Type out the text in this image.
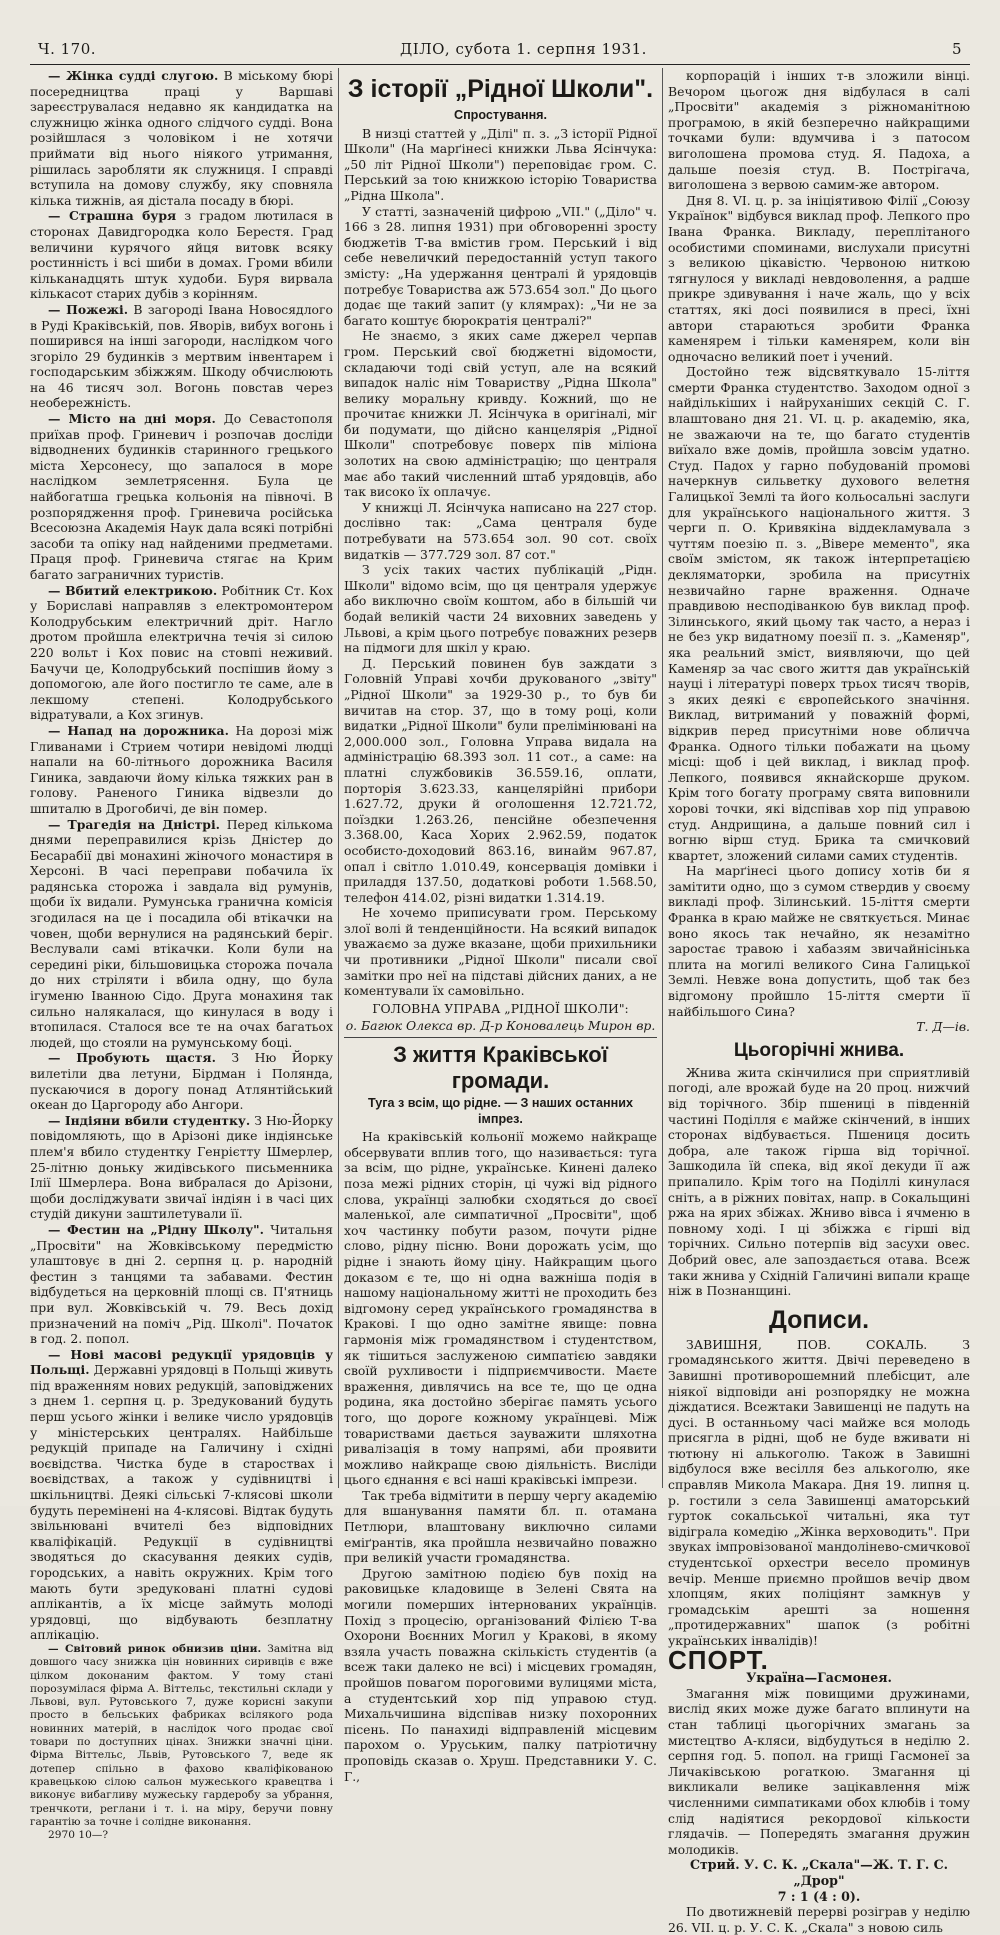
Ч. 170.	ДІЛО, субота 1. серпня 1931.	5

— Жінка судді слугою. В міському бюрі посередництва праці у Варшаві зареєструвалася недавно як кандидатка на служницю жінка одного слідчого судді. Вона розійшлася з чоловіком і не хотячи приймати від нього ніякого утримання, рішилась заробляти як служниця. І справді вступила на домову службу, яку сповняла кілька тижнів, ая дістала посаду в бюрі.

— Страшна буря з градом лютилася в сторонах Давидгородка коло Берестя. Град величини курячого яйця витовк всяку ростинність і всі шиби в домах. Громи вбили кільканадцять штук худоби. Буря вирвала кількасот старих дубів з корінням.

— Пожежі. В загороді Івана Новосядлого в Руді Краківській, пов. Яворів, вибух вогонь і поширився на інші загороди, наслідком чого згоріло 29 будинків з мертвим інвентарем і господарським збіжжям. Шкоду обчислюють на 46 тисяч зол. Вогонь повстав через необережність.

— Місто на дні моря. До Севастополя приїхав проф. Гриневич і розпочав досліди відводнених будинків старинного грецького міста Херсонесу, що запалося в море наслідком землетрясення. Була це найбогатша грецька кольонія на півночі. В розпорядження проф. Гриневича російська Всесоюзна Академія Наук дала всякі потрібні засоби та опіку над найденими предметами. Праця проф. Гриневича стягає на Крим багато заграничних туристів.

— Вбитий електрикою. Робітник Ст. Кох у Бориславі направляв з електромонтером Колодрубським електричний дріт. Нагло дротом пройшла електрична течія зі силою 220 вольт і Кох повис на стовпі неживий. Бачучи це, Колодрубський поспішив йому з допомогою, але його постигло те саме, але в лекшому степені. Колодрубського відратували, а Кох згинув.

— Напад на дорожника. На дорозі між Гливанами і Стрием чотири невідомі людці напали на 60-літнього дорожника Василя Гиника, завдаючи йому кілька тяжких ран в голову. Раненого Гиника відвезли до шпиталю в Дрогобичі, де він помер.

— Трагедія на Дністрі. Перед кількома днями переправилися крізь Дністер до Бесарабії дві монахині жіночого монастиря в Херсоні. В часі переправи побачила їх радянська сторожа і завдала від румунів, щоби їх видали. Румунська гранична комісія згодилася на це і посадила обі втікачки на човен, щоби вернулися на радянський беріг. Веслували самі втікачки. Коли були на середині ріки, більшовицька сторожа почала до них стріляти і вбила одну, що була ігуменю Іванною Сідо. Друга монахиня так сильно налякалася, що кинулася в воду і втопилася. Сталося все те на очах багатьох людей, що стояли на румунському боці.

— Пробують щастя. З Ню Йорку вилетіли два летуни, Бірдман і Полянда, пускаючися в дорогу понад Атлянтійський океан до Царгороду або Ангори.

— Індіяни вбили студентку. З Ню-Йорку повідомляють, що в Арізоні дике індіянське плем'я вбило студентку Генрієтту Шмерлер, 25-літню доньку жидівського письменника Ілії Шмерлера. Вона вибралася до Арізони, щоби досліджувати звичаї індіян і в часі цих студій дикуни заштилетували її.

— Фестин на „Рідну Школу". Читальня „Просвіти" на Жовківському передмістю улаштовує в дні 2. серпня ц. р. народній фестин з танцями та забавами. Фестин відбудеться на церковній площі св. П'ятниць при вул. Жовківській ч. 79. Весь дохід призначений на поміч „Рід. Школі". Початок в год. 2. попол.

— Нові масові редукції урядовців у Польщі. Державні урядовці в Польщі живуть під враженням нових редукцій, заповіджених з днем 1. серпня ц. р. Зредукований будуть перш усього жінки і велике число урядовців у міністерських централях. Найбільше редукцій припаде на Галичину і східні воєвідства. Чистка буде в староствах і воєвідствах, а також у судівництві і шкільництві. Деякі сільські 7-клясові школи будуть перемінені на 4-клясові. Відтак будуть звільнювані вчителі без відповідних кваліфікацій. Редукції в судівництві зводяться до скасування деяких судів, городських, а навіть окружних. Крім того мають бути зредуковані платні судові аплікантів, а їх місце займуть молоді урядовці, що відбувають безплатну аплікацію.

— Світовий ринок обнизив ціни. Замітна від довшого часу знижка цін новинних сиривців є вже цілком доконаним фактом. У тому стані порозумілася фірма А. Віттельс, текстильні склади у Львові, вул. Рутовського 7, дуже корисні закупи просто в бельських фабриках всілякого рода новинних матерій, в наслідок чого продає свої товари по доступних цінах. Знижки значні ціни. Фірма Віттельс, Львів, Рутовського 7, веде як дотепер спільно в фахово кваліфікованою кравецькою сілою сальон мужеського кравецтва і виконує вибагливу мужеську гардеробу за убрання, тренчкоти, реглани і т. і. на міру, беручи повну гарантію за точне і солідне виконання.

2970 10—?

З історії „Рідної Школи".
Спростування.

В низці статтей у „Ділі" п. з. „З історії Рідної Школи" (На марґінесі книжки Льва Ясінчука: „50 літ Рідної Школи") переповідає гром. С. Перський за тою книжкою історію Товариства „Рідна Школа".

У статті, зазначеній цифрою „VII." („Діло" ч. 166 з 28. липня 1931) при обговоренні зросту бюджетів Т-ва вмістив гром. Перський і від себе невеличкий передостанній уступ такого змісту: „На удержання централі й урядовців потребує Товариства аж 573.654 зол." До цього додає ще такий запит (у клямрах): „Чи не за багато коштує бюрократія централі?"

Не знаємо, з яких саме джерел черпав гром. Перський свої бюджетні відомости, складаючи тоді свій уступ, але на всякий випадок наліс нім Товариству „Рідна Школа" велику моральну кривду. Кожний, що не прочитає книжки Л. Ясінчука в оригіналі, міг би подумати, що дійсно канцелярія „Рідної Школи" спотребовує поверх пів міліона золотих на свою адміністрацію; що централя має або такий численний штаб урядовців, або так високо їх оплачує.

У книжці Л. Ясінчука написано на 227 стор. дослівно так: „Сама централя буде потребувати на 573.654 зол. 90 сот. своїх видатків — 377.729 зол. 87 сот."

З усіх таких частих публікацій „Рідн. Школи" відомо всім, що ця централя удержує або виключно своїм коштом, або в більшій чи бодай великій части 24 виховних заведень у Львові, а крім цього потребує поважних резерв на підмоги для шкіл у краю.

Д. Перський повинен був заждати з Головній Управі хочби друкованого „звіту" „Рідної Школи" за 1929-30 р., то був би вичитав на стор. 37, що в тому році, коли видатки „Рідної Школи" були прелімінювані на 2,000.000 зол., Головна Управа видала на адміністрацію 68.393 зол. 11 сот., а саме: на платні службовиків 36.559.16, оплати, порторія 3.623.33, канцелярійні прибори 1.627.72, друки й оголошення 12.721.72, поїздки 1.263.26, пенсійне обезпечення 3.368.00, Каса Хорих 2.962.59, податок особисто-доходовий 863.16, винайм 967.87, опал і світло 1.010.49, консервація домівки і приладдя 137.50, додаткові роботи 1.568.50, телефон 414.02, різні видатки 1.314.19.

Не хочемо приписувати гром. Перському злої волі й тенденційности. На всякий випадок уважаємо за дуже вказане, щоби прихильники чи противники „Рідної Школи" писали свої замітки про неї на підставі дійсних даних, а не коментували їх самовільно.

ГОЛОВНА УПРАВА „РІДНОЇ ШКОЛИ":
о. Багюк Олекса вр. Д-р Коновалець Мирон вр.
З життя Краківської громади.
Туга з всім, що рідне. — З наших останних імпрез.

На краківській кольонії можемо найкраще обсервувати вплив того, що називається: туга за всім, що рідне, українське. Кинені далеко поза межі рідних сторін, ці чужі від рідного слова, українці залюбки сходяться до своєї маленької, але симпатичної „Просвіти", щоб хоч частинку побути разом, почути рідне слово, рідну пісню. Вони дорожать усім, що рідне і знають йому ціну. Найкращим цього доказом є те, що ні одна важніша подія в нашому національному житті не проходить без відгомону серед українського громадянства в Кракові. І що одно замітне явище: повна гармонія між громадянством і студентством, як тішиться заслуженою симпатією завдяки своїй рухливости і підприємчивости. Маєте враження, дивлячись на все те, що це одна родина, яка достойно зберігає память усього того, що дороге кожному українцеві. Між товариствами дається зауважити шляхотна ривалізація в тому напрямі, аби проявити можливо найкраще свою діяльність. Висліди цього єднання є всі наші краківські імпрези.

Так треба відмітити в першу чергу академію для вшанування памяти бл. п. отамана Петлюри, влаштовану виключно силами еміґрантів, яка пройшла незвичайно поважно при великій участи громадянства.

Другою замітною подією був похід на раковицьке кладовище в Зелені Свята на могили померших інтернованих українців. Похід з процесію, організований Філією Т-ва Охорони Воєнних Могил у Кракові, в якому взяла участь поважна скількість студентів (а всеж таки далеко не всі) і місцевих громадян, пройшов повагом пороговими вулицями міста, а студентський хор під управою студ. Михальчишина відспівав низку похоронних пісень. По панахиді відправленій місцевим парохом о. Уруським, палку патріотичну проповідь сказав о. Хруш. Представники У. С. Г.,

корпорацій і інших т-в зложили вінці. Вечором цьогож дня відбулася в салі „Просвіти" академія з ріжноманітною програмою, в якій безперечно найкращими точками були: вдумчива і з патосом виголошена промова студ. Я. Падоха, а дальше поезія студ. В. Пострігача, виголошена з вервою самим-же автором.

Дня 8. VI. ц. р. за ініціятивою Філії „Союзу Українок" відбувся виклад проф. Лепкого про Івана Франка. Викладу, переплітаного особистими споминами, вислухали присутні з великою цікавістю. Червоною ниткою тягнулося у викладі невдоволення, а радше прикре здивування і наче жаль, що у всіх статтях, які досі появилися в пресі, їхні автори стараються зробити Франка каменярем і тільки каменярем, коли він одночасно великий поет і учений.

Достойно теж відсвяткувало 15-ліття смерти Франка студентство. Заходом одної з найдількіших і найруханіших секцій С. Г. влаштовано дня 21. VI. ц. р. академію, яка, не зважаючи на те, що багато студентів виїхало вже домів, пройшла зовсім удатно. Студ. Падох у гарно побудованій промові начеркнув сильветку духового велетня Галицької Землі та його кольосальні заслуги для українського національного життя. З черги п. О. Кривякіна віддекламувала з чуттям поезію п. з. „Вівере мементо", яка своїм змістом, як також інтерпретацією декляматорки, зробила на присутніх незвичайно гарне враження. Одначе правдивою несподіванкою був виклад проф. Зілинського, який цьому так часто, а нераз і не без укр видатному поезії п. з. „Каменяр", яка реальний зміст, виявляючи, що цей Каменяр за час свого життя дав українській науці і літературі поверх трьох тисяч творів, з яких деякі є європейського значіння. Виклад, витриманий у поважній формі, відкрив перед присутніми нове обличча Франка. Одного тільки побажати на цьому місці: щоб і цей виклад, і виклад проф. Лепкого, появився якнайскорше друком. Крім того богату програму свята виповнили хорові точки, які відспівав хор під управою студ. Андрищина, а дальше повний сил і вогню вірш студ. Брика та смичковий квартет, зложений силами самих студентів.

На марґінесі цього допису хотів би я замітити одно, що з сумом ствердив у своєму викладі проф. Зілинський. 15-ліття смерти Франка в краю майже не святкується. Минає воно якось так нечайно, як незамітно заростає травою і хабазям звичайнісінька плита на могилі великого Сина Галицької Землі. Невже вона допустить, щоб так без відгомону пройшло 15-ліття смерти її найбільшого Сина?

Т. Д—ів.
Цьогорічні жнива.

Жнива жита скінчилися при сприятливій погоді, але врожай буде на 20 проц. нижчий від торічного. Збір пшениці в південній частині Поділля є майже скінчений, в інших сторонах відбувається. Пшениця досить добра, але також гірша від торічної. Зашкодила їй спека, від якої декуди її аж припалило. Крім того на Поділлі кинулася сніть, а в ріжних повітах, напр. в Сокальщині ржа на ярих збіжах. Жниво вівса і ячменю в повному ході. І ці збіжжа є гірші від торічних. Сильно потерпів від засухи овес. Добрий овес, але запоздається отава. Всеж таки жнива у Східній Галичині випали краще ніж в Познанщині.

Дописи.

ЗАВИШНЯ, ПОВ. СОКАЛЬ. З громадянського життя. Двічі переведено в Завишні противорошемний плебісцит, але ніякої відповіди ані розпорядку не можна діждатися. Всежтаки Завишенці не падуть на дусі. В останньому часі майже вся молодь присягла в рідні, щоб не буде вживати ні тютюну ні алькоголю. Також в Завишні відбулося вже весілля без алькоголю, яке справляв Микола Макара. Дня 19. липня ц. р. гостили з села Завишенці аматорський гурток сокальської читальні, яка тут відіграла комедію „Жінка верховодить". При звуках імпровізованої мандолінево-смичкової студентської орхестри весело проминув вечір. Менше приємно пройшов вечір двом хлопцям, яких поліціянт замкнув у громадськім арешті за ношення „протидержавних" шапок (з робітні українських інвалідів)!

СПОРТ.
Україна—Гасмонея.

Змагання між повищими дружинами, вислід яких може дуже багато вплинути на стан таблиці цьогорічних змагань за мистецтво А-кляси, відбудуться в неділю 2. серпня год. 5. попол. на грищі Гасмонеї за Личаківською рогаткою. Змагання ці викликали велике зацікавлення між численними симпатиками обох клюбів і тому слід надіятися рекордової кількости глядачів. — Попередять змагання дружин молодиків.

Стрий. У. С. К. „Скала"—Ж. Т. Г. С. „Дрор"
7 : 1 (4 : 0).

По двотижневій перерві розіграв у неділю 26. VII. ц. р. У. С. К. „Скала" з новою силь
